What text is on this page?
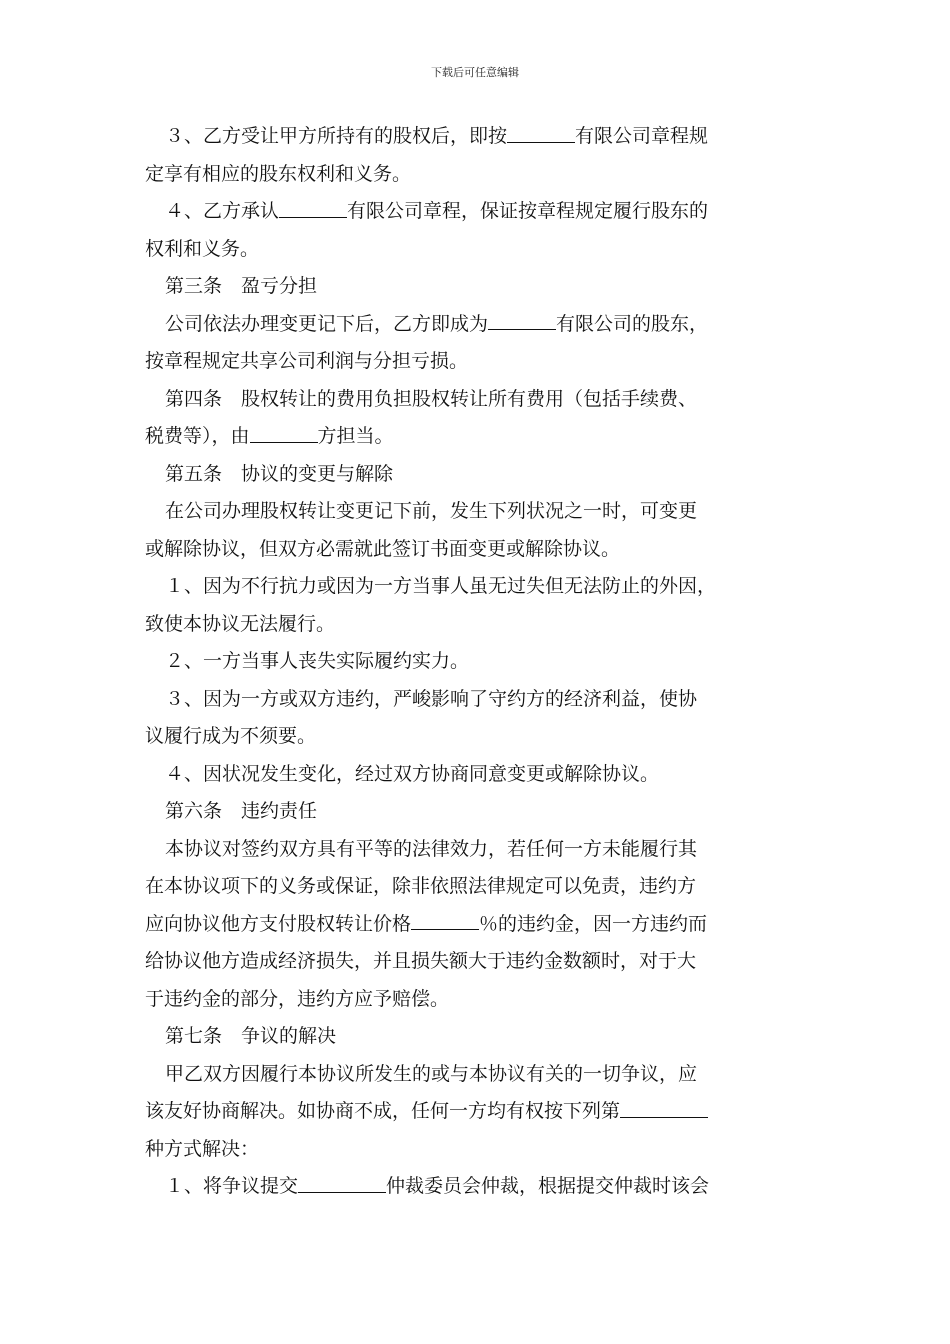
下载后可任意编辑
３、乙方受让甲方所持有的股权后，即按	有限公司章程规
定享有相应的股东权利和义务。
４、乙方承认	有限公司章程，保证按章程规定履行股东的
权利和义务。
第三条　盈亏分担
公司依法办理变更记下后，乙方即成为	有限公司的股东，
按章程规定共享公司利润与分担亏损。
第四条　股权转让的费用负担股权转让所有费用（包括手续费、
税费等），由	方担当。
第五条　协议的变更与解除
在公司办理股权转让变更记下前，发生下列状况之一时，可变更
或解除协议，但双方必需就此签订书面变更或解除协议。
１、因为不行抗力或因为一方当事人虽无过失但无法防止的外因，
致使本协议无法履行。
２、一方当事人丧失实际履约实力。
３、因为一方或双方违约，严峻影响了守约方的经济利益，使协
议履行成为不须要。
４、因状况发生变化，经过双方协商同意变更或解除协议。
第六条　违约责任
本协议对签约双方具有平等的法律效力，若任何一方未能履行其
在本协议项下的义务或保证，除非依照法律规定可以免责，违约方
应向协议他方支付股权转让价格	％的违约金，因一方违约而
给协议他方造成经济损失，并且损失额大于违约金数额时，对于大
于违约金的部分，违约方应予赔偿。
第七条　争议的解决
甲乙双方因履行本协议所发生的或与本协议有关的一切争议，应
该友好协商解决。如协商不成，任何一方均有权按下列第
种方式解决：
１、将争议提交	仲裁委员会仲裁，根据提交仲裁时该会
